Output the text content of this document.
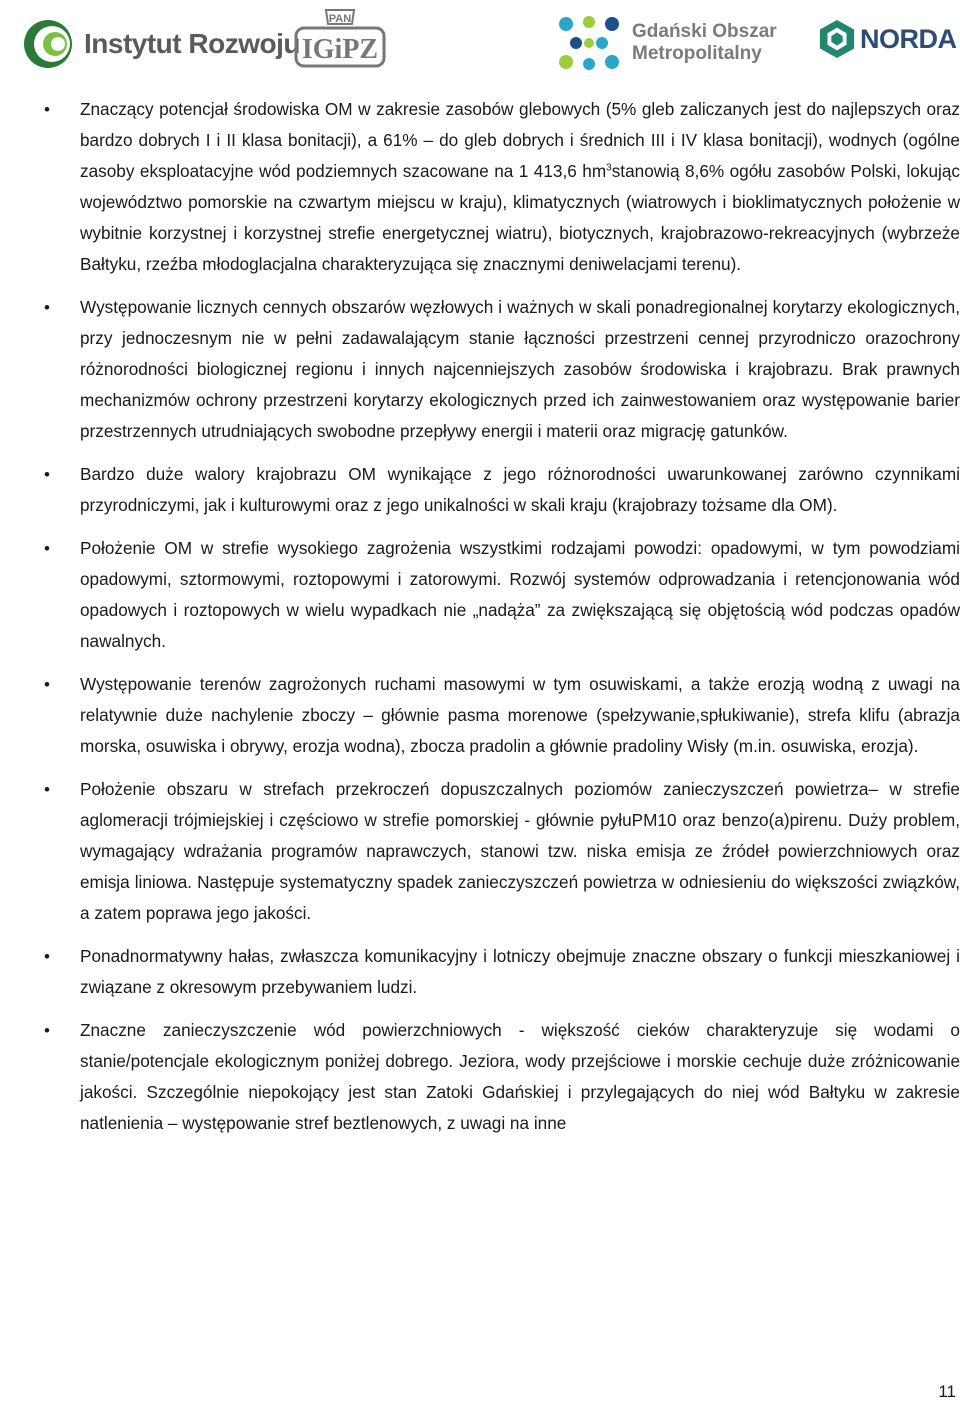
Instytut Rozwoju
PAN
IGiPZ
Gdański Obszar
Metropolitalny	NORDA
• Znaczący potencjał środowiska OM w zakresie zasobów glebowych (5% gleb zaliczanych jest do najlepszych oraz bardzo dobrych I i II klasa bonitacji), a 61% – do gleb dobrych i średnich III i IV klasa bonitacji), wodnych (ogólne zasoby eksploatacyjne wód podziemnych szacowane na 1 413,6 $hm^3stanowią$ 8,6% ogółu zasobów Polski, lokując województwo pomorskie na czwartym miejscu w kraju), klimatycznych (wiatrowych i bioklimatycznych położenie w wybitnie korzystnej i korzystnej strefie energetycznej wiatru), biotycznych, krajobrazowo-rekreacyjnych (wybrzeże Bałtyku, rzeźba młodoglacjalna charakteryzująca się znacznymi deniwelacjami terenu).
• Występowanie licznych cennych obszarów węzłowych i ważnych w skali ponadregionalnej korytarzy ekologicznych, przy jednoczesnym nie w pełni zadawalającym stanie łączności przestrzeni cennej przyrodniczo orazochrony różnorodności biologicznej regionu i innych najcenniejszych zasobów środowiska i krajobrazu. Brak prawnych mechanizmów ochrony przestrzeni korytarzy ekologicznych przed ich zainwestowaniem oraz występowanie barier przestrzennych utrudniających swobodne przepływy energii i materii oraz migrację gatunków.
• Bardzo duże walory krajobrazu OM wynikające z jego różnorodności uwarunkowanej zarówno czynnikami przyrodniczymi, jak i kulturowymi oraz z jego unikalności w skali kraju (krajobrazy tożsame dla OM).
• Położenie OM w strefie wysokiego zagrożenia wszystkimi rodzajami powodzi: opadowymi, w tym powodziami opadowymi, sztormowymi, roztopowymi i zatorowymi. Rozwój systemów odprowadzania i retencjonowania wód opadowych i roztopowych w wielu wypadkach nie „nadąża” za zwiększającą się objętością wód podczas opadów nawalnych.
• Występowanie terenów zagrożonych ruchami masowymi w tym osuwiskami, a także erozją wodną z uwagi na relatywnie duże nachylenie zboczy – głównie pasma morenowe (spełzywanie,spłukiwanie), strefa klifu (abrazja morska, osuwiska i obrywy, erozja wodna), zbocza pradolin a głównie pradoliny Wisły (m.in. osuwiska, erozja).
• Położenie obszaru w strefach przekroczeń dopuszczalnych poziomów zanieczyszczeń powietrza– w strefie aglomeracji trójmiejskiej i częściowo w strefie pomorskiej - głównie pyłuPM10 oraz benzo(a)pirenu. Duży problem, wymagający wdrażania programów naprawczych, stanowi tzw. niska emisja ze źródeł powierzchniowych oraz emisja liniowa. Następuje systematyczny spadek zanieczyszczeń powietrza w odniesieniu do większości związków, a zatem poprawa jego jakości.
• Ponadnormatywny hałas, zwłaszcza komunikacyjny i lotniczy obejmuje znaczne obszary o funkcji mieszkaniowej i związane z okresowym przebywaniem ludzi.
• Znaczne zanieczyszczenie wód powierzchniowych - większość cieków charakteryzuje się wodami o stanie/potencjale ekologicznym poniżej dobrego. Jeziora, wody przejściowe i morskie cechuje duże zróżnicowanie jakości. Szczególnie niepokojący jest stan Zatoki Gdańskiej i przylegających do niej wód Bałtyku w zakresie natlenienia – występowanie stref beztlenowych, z uwagi na inne
11
